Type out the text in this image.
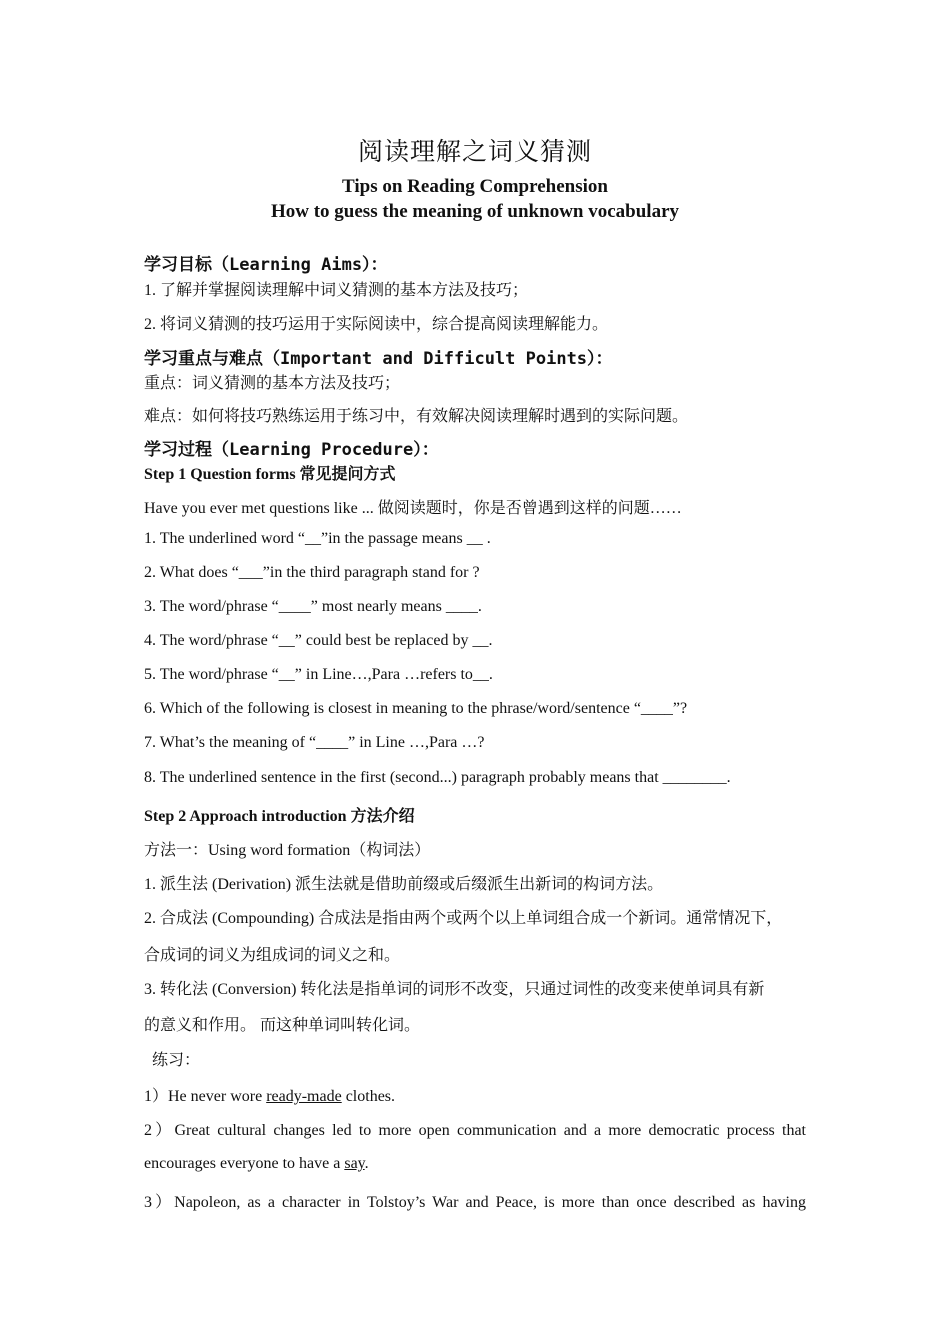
阅读理解之词义猜测
Tips on Reading Comprehension
How to guess the meaning of unknown vocabulary
学习目标（Learning Aims）：
1. 了解并掌握阅读理解中词义猜测的基本方法及技巧；
2. 将词义猜测的技巧运用于实际阅读中，综合提高阅读理解能力。
学习重点与难点（Important and Difficult Points）：
重点：词义猜测的基本方法及技巧；
难点：如何将技巧熟练运用于练习中，有效解决阅读理解时遇到的实际问题。
学习过程（Learning Procedure）：
Step 1 Question forms 常见提问方式
Have you ever met questions like ... 做阅读题时，你是否曾遇到这样的问题……
1. The underlined word “__”in the passage means __ .
2. What does “___”in the third paragraph stand for ?
3. The word/phrase “____” most nearly means ____.
4. The word/phrase “__” could best be replaced by __.
5. The word/phrase “__” in Line…,Para …refers to__.
6. Which of the following is closest in meaning to the phrase/word/sentence “____”?
7. What’s the meaning of “____” in Line …,Para …?
8. The underlined sentence in the first (second...) paragraph probably means that ________.
Step 2 Approach introduction 方法介绍
方法一：Using word formation（构词法）
1. 派生法 (Derivation) 派生法就是借助前缀或后缀派生出新词的构词方法。
2. 合成法 (Compounding) 合成法是指由两个或两个以上单词组合成一个新词。通常情况下，
合成词的词义为组成词的词义之和。
3. 转化法 (Conversion) 转化法是指单词的词形不改变，只通过词性的改变来使单词具有新
的意义和作用。 而这种单词叫转化词。
练习：
1）He never wore ready-made clothes.
2）Great cultural changes led to more open communication and a more democratic process that
encourages everyone to have a say.
3）Napoleon, as a character in Tolstoy’s War and Peace, is more than once described as having
